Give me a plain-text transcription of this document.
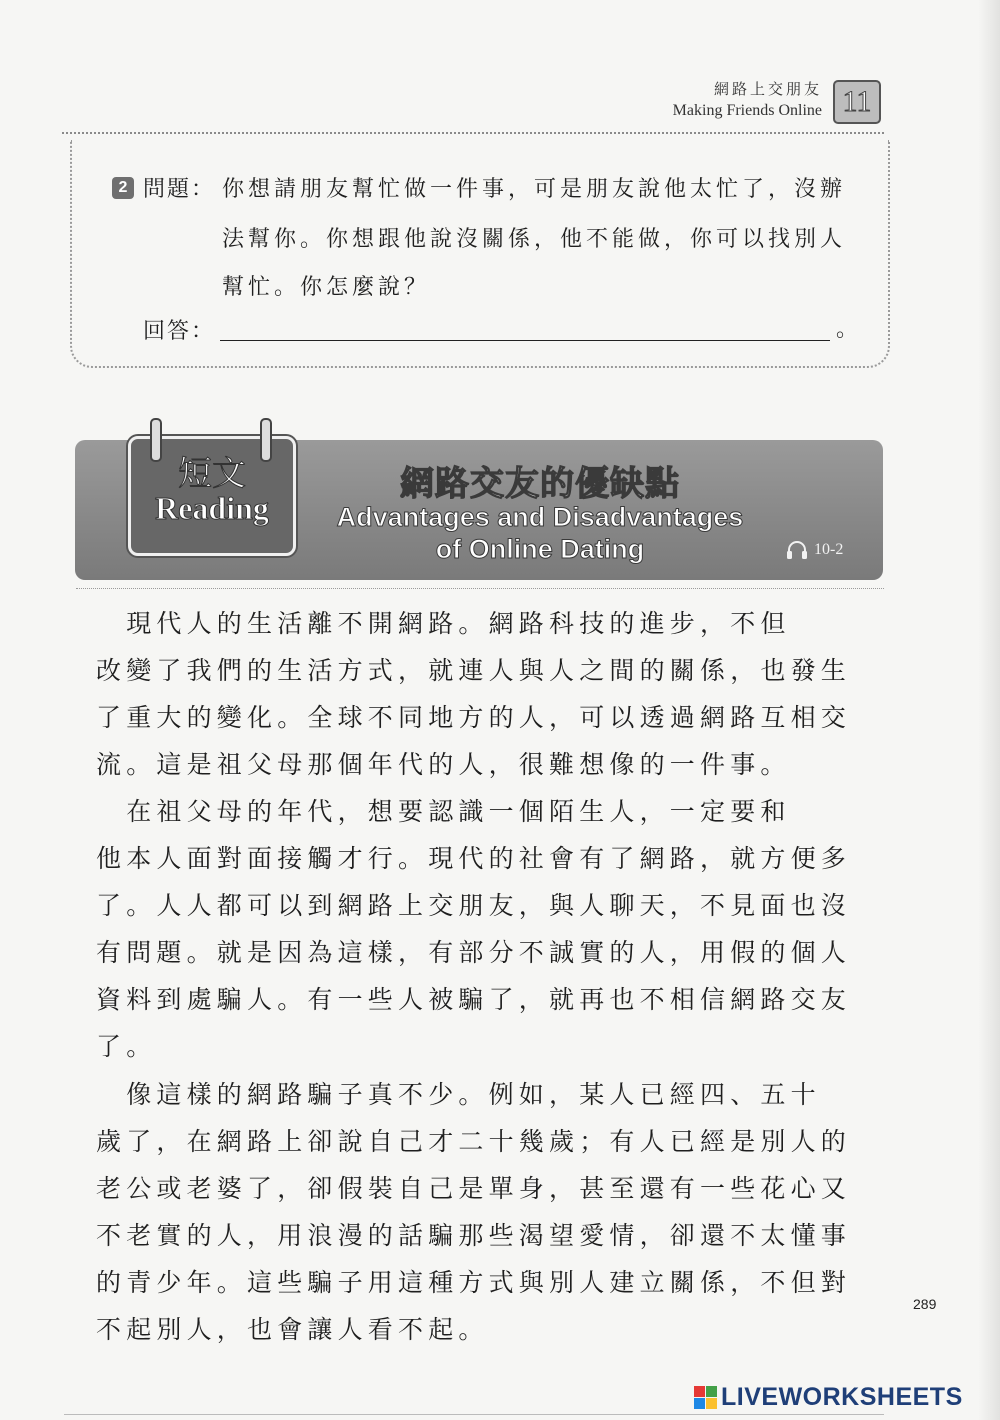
網路上交朋友
Making Friends Online 11
2 問題： 你想請朋友幫忙做一件事，可是朋友說他太忙了，沒辦
法幫你。你想跟他說沒關係，他不能做，你可以找別人
幫忙。你怎麼說？
回答：	。
短文
Reading
網路交友的優缺點
Advantages and Disadvantages
of Online Dating	10-2
　現代人的生活離不開網路。網路科技的進步，不但
改變了我們的生活方式，就連人與人之間的關係，也發生
了重大的變化。全球不同地方的人，可以透過網路互相交
流。這是祖父母那個年代的人，很難想像的一件事。
　在祖父母的年代，想要認識一個陌生人，一定要和
他本人面對面接觸才行。現代的社會有了網路，就方便多
了。人人都可以到網路上交朋友，與人聊天，不見面也沒
有問題。就是因為這樣，有部分不誠實的人，用假的個人
資料到處騙人。有一些人被騙了，就再也不相信網路交友
了。
　像這樣的網路騙子真不少。例如，某人已經四、五十
歲了，在網路上卻說自己才二十幾歲；有人已經是別人的
老公或老婆了，卻假裝自己是單身，甚至還有一些花心又
不老實的人，用浪漫的話騙那些渴望愛情，卻還不太懂事
的青少年。這些騙子用這種方式與別人建立關係，不但對
不起別人，也會讓人看不起。
289
LIVEWORKSHEETS
